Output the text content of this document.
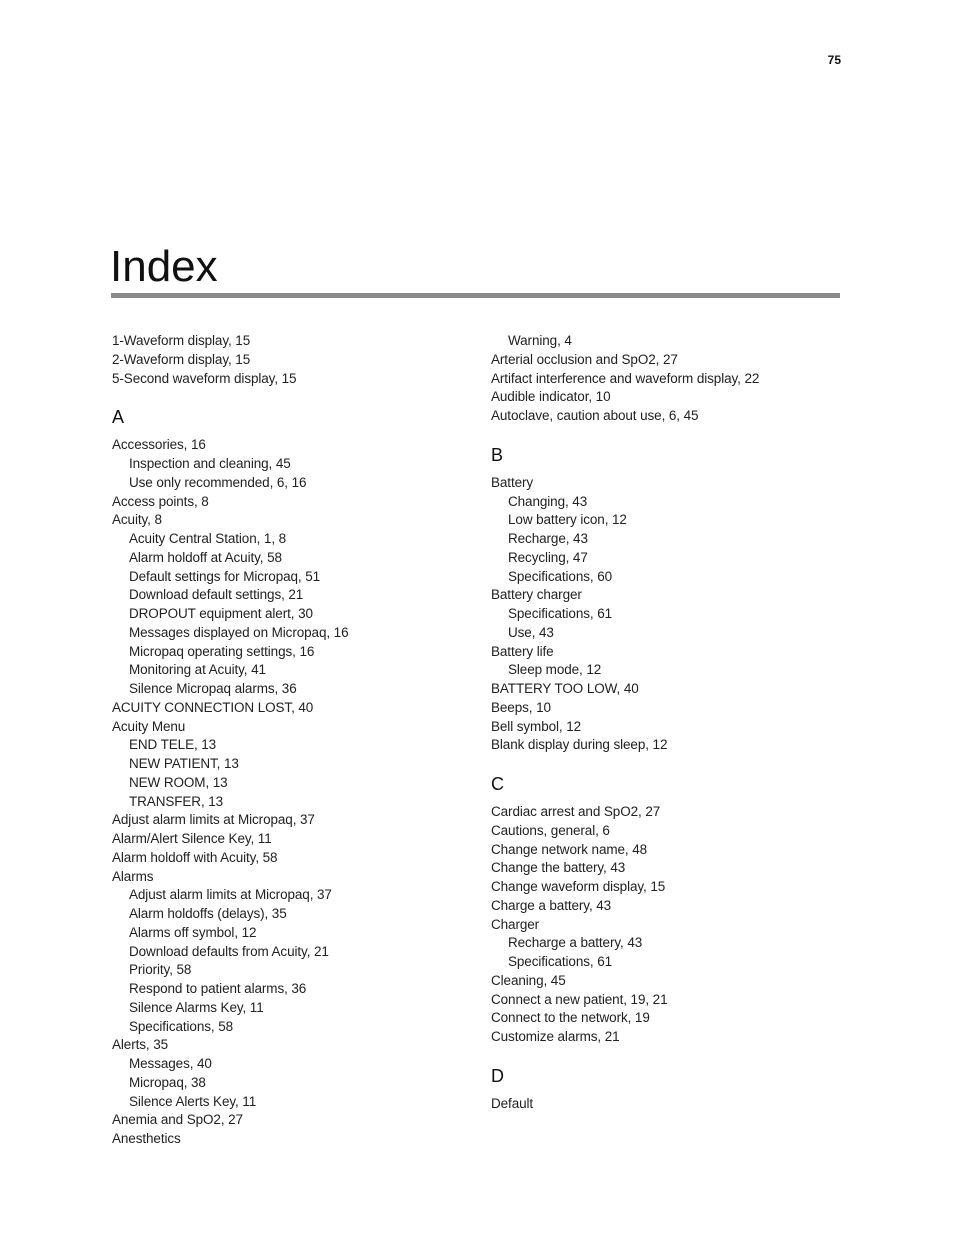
75
Index
1-Waveform display, 15
2-Waveform display, 15
5-Second waveform display, 15
A
Accessories, 16
Inspection and cleaning, 45
Use only recommended, 6, 16
Access points, 8
Acuity, 8
Acuity Central Station, 1, 8
Alarm holdoff at Acuity, 58
Default settings for Micropaq, 51
Download default settings, 21
DROPOUT equipment alert, 30
Messages displayed on Micropaq, 16
Micropaq operating settings, 16
Monitoring at Acuity, 41
Silence Micropaq alarms, 36
ACUITY CONNECTION LOST, 40
Acuity Menu
END TELE, 13
NEW PATIENT, 13
NEW ROOM, 13
TRANSFER, 13
Adjust alarm limits at Micropaq, 37
Alarm/Alert Silence Key, 11
Alarm holdoff with Acuity, 58
Alarms
Adjust alarm limits at Micropaq, 37
Alarm holdoffs (delays), 35
Alarms off symbol, 12
Download defaults from Acuity, 21
Priority, 58
Respond to patient alarms, 36
Silence Alarms Key, 11
Specifications, 58
Alerts, 35
Messages, 40
Micropaq, 38
Silence Alerts Key, 11
Anemia and SpO2, 27
Anesthetics
Warning, 4
Arterial occlusion and SpO2, 27
Artifact interference and waveform display, 22
Audible indicator, 10
Autoclave, caution about use, 6, 45
B
Battery
Changing, 43
Low battery icon, 12
Recharge, 43
Recycling, 47
Specifications, 60
Battery charger
Specifications, 61
Use, 43
Battery life
Sleep mode, 12
BATTERY TOO LOW, 40
Beeps, 10
Bell symbol, 12
Blank display during sleep, 12
C
Cardiac arrest and SpO2, 27
Cautions, general, 6
Change network name, 48
Change the battery, 43
Change waveform display, 15
Charge a battery, 43
Charger
Recharge a battery, 43
Specifications, 61
Cleaning, 45
Connect a new patient, 19, 21
Connect to the network, 19
Customize alarms, 21
D
Default
